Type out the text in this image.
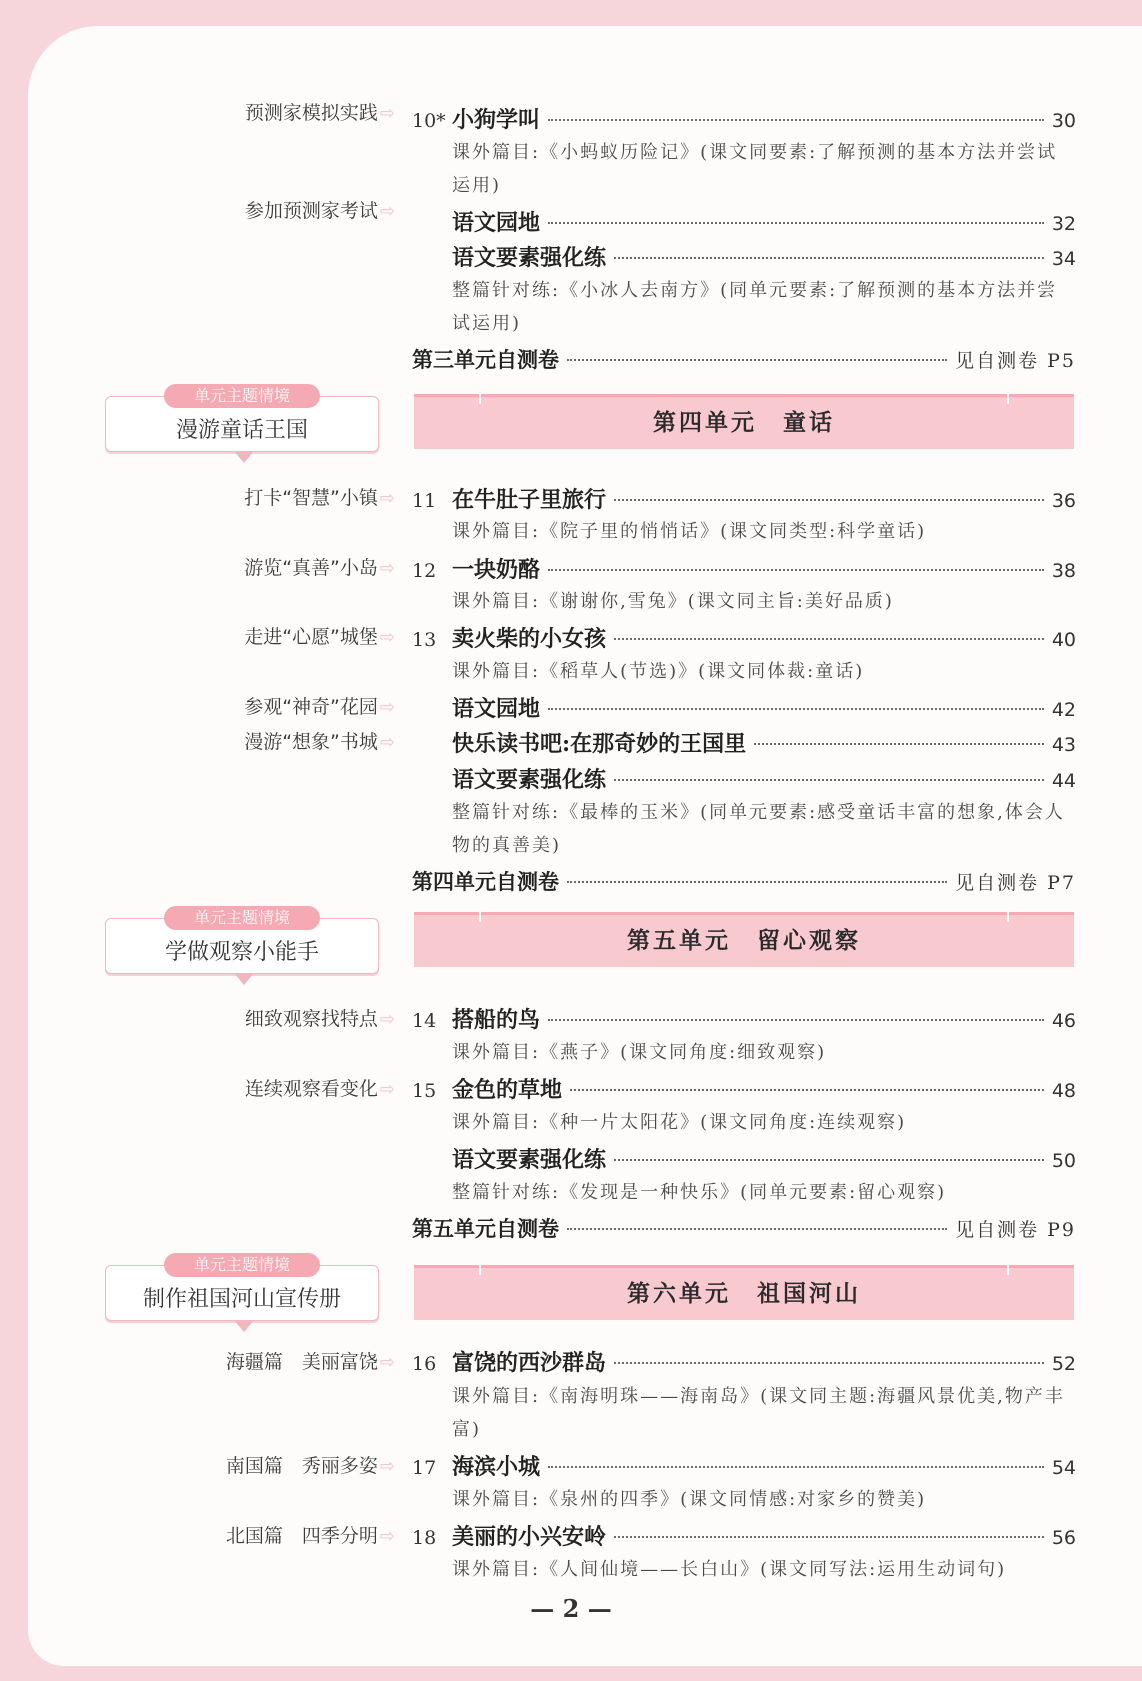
预测家模拟实践 ⇨
参加预测家考试 ⇨
单元主题情境
漫游童话王国
打卡“智慧”小镇 ⇨
游览“真善”小岛 ⇨
走进“心愿”城堡 ⇨
参观“神奇”花园 ⇨
漫游“想象”书城 ⇨
单元主题情境
学做观察小能手
细致观察找特点 ⇨
连续观察看变化 ⇨
单元主题情境
制作祖国河山宣传册
海疆篇　美丽富饶 ⇨
南国篇　秀丽多姿 ⇨
北国篇　四季分明 ⇨
10* 小狗学叫	30
课外篇目:《小蚂蚁历险记》(课文同要素:了解预测的基本方法并尝试运用)
语文园地	32
语文要素强化练	34
整篇针对练:《小冰人去南方》(同单元要素:了解预测的基本方法并尝试运用)
第三单元自测卷	见自测卷 P5
第四单元　童话
11 在牛肚子里旅行	36
课外篇目:《院子里的悄悄话》(课文同类型:科学童话)
12 一块奶酪	38
课外篇目:《谢谢你,雪兔》(课文同主旨:美好品质)
13 卖火柴的小女孩	40
课外篇目:《稻草人(节选)》(课文同体裁:童话)
语文园地	42
快乐读书吧:在那奇妙的王国里	43
语文要素强化练	44
整篇针对练:《最棒的玉米》(同单元要素:感受童话丰富的想象,体会人物的真善美)
第四单元自测卷	见自测卷 P7
第五单元　留心观察
14 搭船的鸟	46
课外篇目:《燕子》(课文同角度:细致观察)
15 金色的草地	48
课外篇目:《种一片太阳花》(课文同角度:连续观察)
语文要素强化练	50
整篇针对练:《发现是一种快乐》(同单元要素:留心观察)
第五单元自测卷	见自测卷 P9
第六单元　祖国河山
16 富饶的西沙群岛	52
课外篇目:《南海明珠——海南岛》(课文同主题:海疆风景优美,物产丰富)
17 海滨小城	54
课外篇目:《泉州的四季》(课文同情感:对家乡的赞美)
18 美丽的小兴安岭	56
课外篇目:《人间仙境——长白山》(课文同写法:运用生动词句)
— 2 —
